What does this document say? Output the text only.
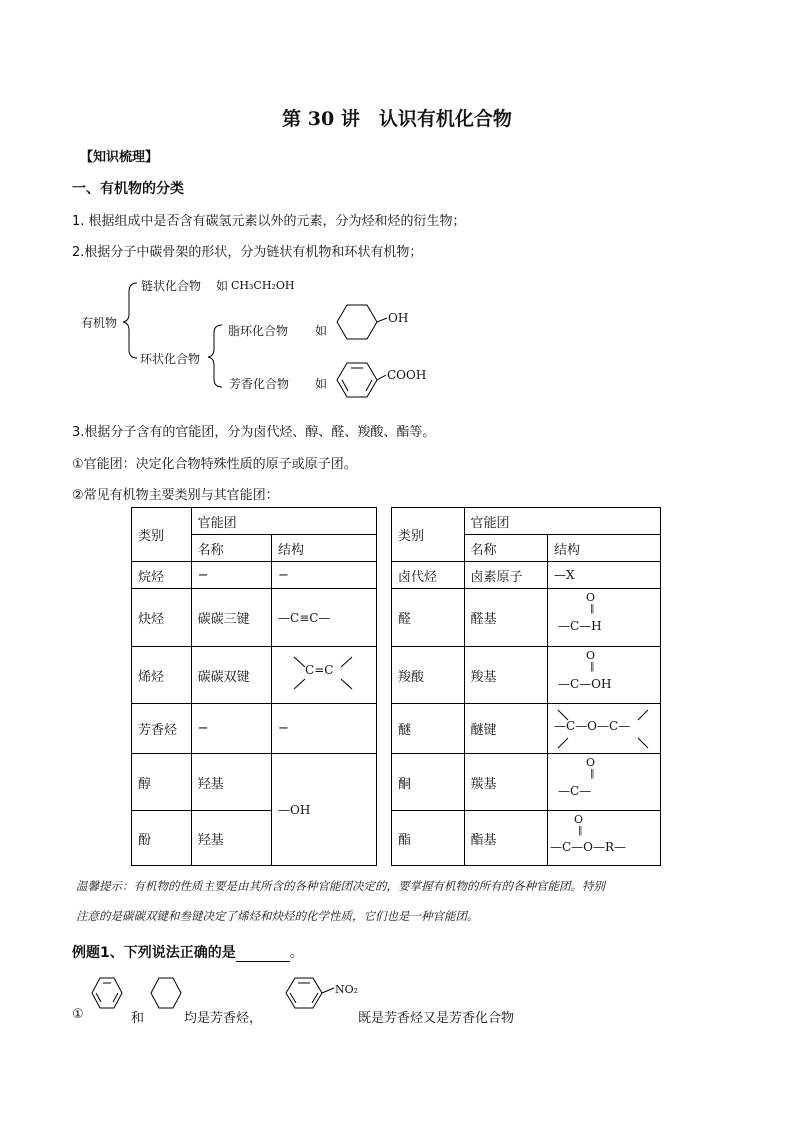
第 30 讲　认识有机化合物
【知识梳理】
一、有机物的分类
1. 根据组成中是否含有碳氢元素以外的元素，分为烃和烃的衍生物；
2.根据分子中碳骨架的形状，分为链状有机物和环状有机物；
有机物
链状化合物 如 CH₃CH₂OH
环状化合物
脂环化合物 如
OH
芳香化合物 如
COOH
3.根据分子含有的官能团，分为卤代烃、醇、醛、羧酸、酯等。
①官能团：决定化合物特殊性质的原子或原子团。
②常见有机物主要类别与其官能团：
类别	官能团	
	名称	结构
烷烃	−	−
炔烃	碳碳三键	—C≡C—
烯烃	碳碳双键	C=C

芳香烃	−	−
醇	羟基	—OH
酚	羟基	
类别	官能团	
	名称	结构
卤代烃	卤素原子	—X
醛	醛基	O
‖
—C—H

羧酸	羧基	O
‖
—C—OH

醚	醚键	—C—O—C—

酮	羰基	O
‖
—C—

酯	酯基	O
‖
—C—O—R—
温馨提示：有机物的性质主要是由其所含的各种官能团决定的，要掌握有机物的所有的各种官能团。特别
注意的是碳碳双键和叁键决定了烯烃和炔烃的化学性质，它们也是一种官能团。
例题1、下列说法正确的是	。
①	和	均是芳香烃，
NO₂
既是芳香烃又是芳香化合物
